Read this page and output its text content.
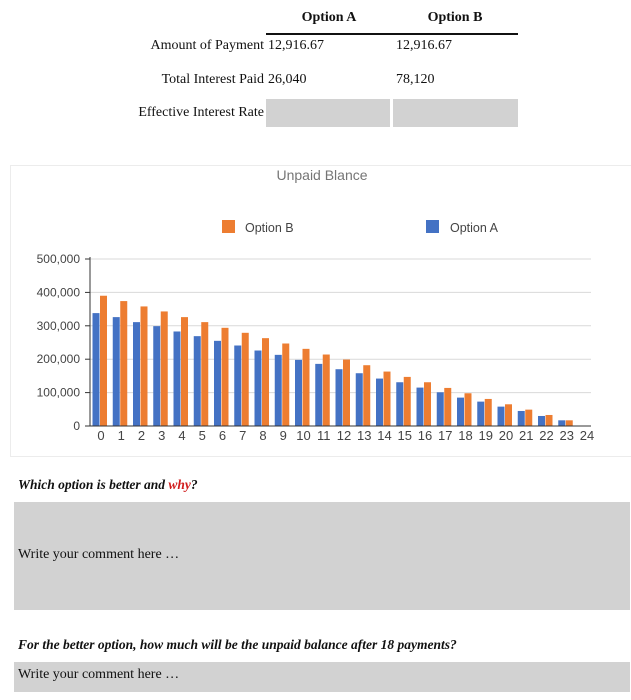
Option A	Option B
Amount of Payment 12,916.67	12,916.67
Total Interest Paid 26,040	78,120
Effective Interest Rate
Unpaid Blance
Option B	Option A
0
100,000
200,000
300,000
400,000
500,000
0 1 2 3 4 5 6 7 8 9 10 11 12 13 14 15 16 17 18 19 20 21 22 23 24
Which option is better and why?
Write your comment here …
For the better option, how much will be the unpaid balance after 18 payments?
Write your comment here …
